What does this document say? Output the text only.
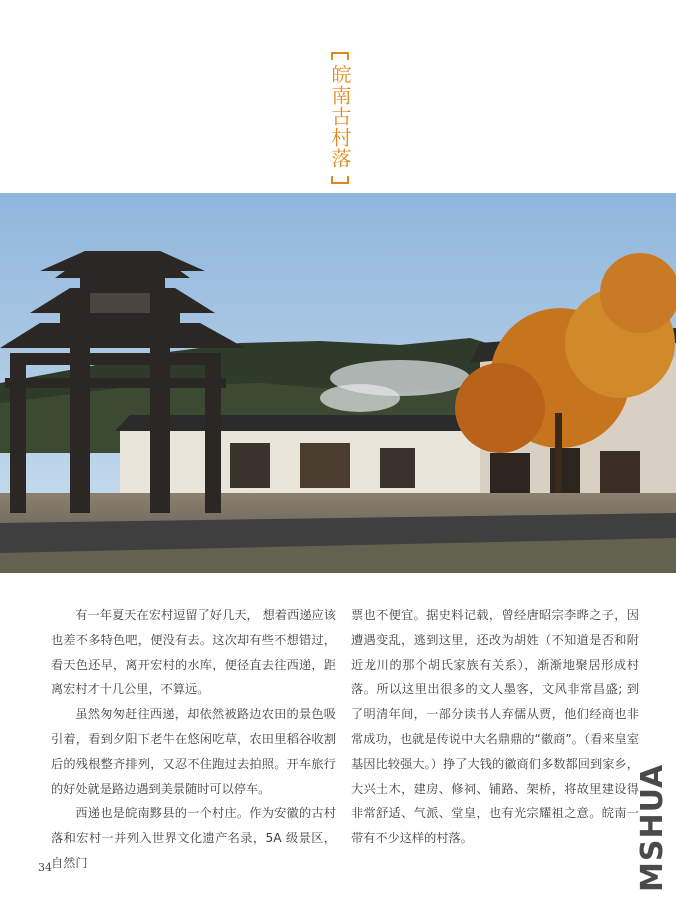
皖南古村落

有一年夏天在宏村逗留了好几天， 想着西递应该也差不多特色吧，便没有去。这次却有些不想错过，看天色还早，离开宏村的水库，便径直去往西递，距离宏村才十几公里，不算远。

虽然匆匆赶往西递，却依然被路边农田的景色吸引着，看到夕阳下老牛在悠闲吃草，农田里稻谷收割后的残根整齐排列，又忍不住跑过去拍照。开车旅行的好处就是路边遇到美景随时可以停车。

西递也是皖南黟县的一个村庄。作为安徽的古村落和宏村一并列入世界文化遗产名录，5A 级景区，自然门

票也不便宜。据史料记载，曾经唐昭宗李晔之子，因遭遇变乱，逃到这里，还改为胡姓（不知道是否和附近龙川的那个胡氏家族有关系），渐渐地聚居形成村落。所以这里出很多的文人墨客，文风非常昌盛; 到了明清年间，一部分读书人弃儒从贾，他们经商也非常成功，也就是传说中大名鼎鼎的“徽商”。（看来皇室基因比较强大。）挣了大钱的徽商们多数都回到家乡，大兴土木，建房、修祠、铺路、架桥，将故里建设得非常舒适、气派、堂皇，也有光宗耀祖之意。皖南一带有不少这样的村落。

34	MSHUA
